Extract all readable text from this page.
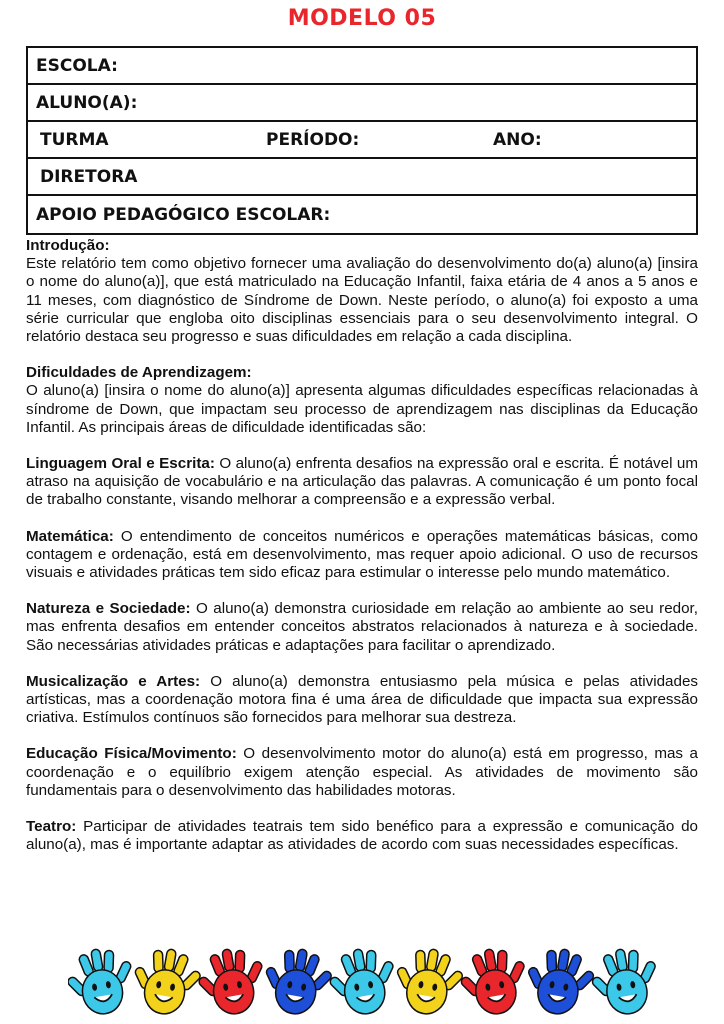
MODELO 05
ESCOLA:
ALUNO(A):
TURMA	PERÍODO:	ANO:
DIRETORA
APOIO PEDAGÓGICO ESCOLAR:

Introdução:

Este relatório tem como objetivo fornecer uma avaliação do desenvolvimento do(a) aluno(a) [insira o nome do aluno(a)], que está matriculado na Educação Infantil, faixa etária de 4 anos a 5 anos e 11 meses, com diagnóstico de Síndrome de Down. Neste período, o aluno(a) foi exposto a uma série curricular que engloba oito disciplinas essenciais para o seu desenvolvimento integral. O relatório destaca seu progresso e suas dificuldades em relação a cada disciplina.

Dificuldades de Aprendizagem:

O aluno(a) [insira o nome do aluno(a)] apresenta algumas dificuldades específicas relacionadas à síndrome de Down, que impactam seu processo de aprendizagem nas disciplinas da Educação Infantil. As principais áreas de dificuldade identificadas são:

Linguagem Oral e Escrita: O aluno(a) enfrenta desafios na expressão oral e escrita. É notável um atraso na aquisição de vocabulário e na articulação das palavras. A comunicação é um ponto focal de trabalho constante, visando melhorar a compreensão e a expressão verbal.

Matemática: O entendimento de conceitos numéricos e operações matemáticas básicas, como contagem e ordenação, está em desenvolvimento, mas requer apoio adicional. O uso de recursos visuais e atividades práticas tem sido eficaz para estimular o interesse pelo mundo matemático.

Natureza e Sociedade: O aluno(a) demonstra curiosidade em relação ao ambiente ao seu redor, mas enfrenta desafios em entender conceitos abstratos relacionados à natureza e à sociedade. São necessárias atividades práticas e adaptações para facilitar o aprendizado.

Musicalização e Artes: O aluno(a) demonstra entusiasmo pela música e pelas atividades artísticas, mas a coordenação motora fina é uma área de dificuldade que impacta sua expressão criativa. Estímulos contínuos são fornecidos para melhorar sua destreza.

Educação Física/Movimento: O desenvolvimento motor do aluno(a) está em progresso, mas a coordenação e o equilíbrio exigem atenção especial. As atividades de movimento são fundamentais para o desenvolvimento das habilidades motoras.

Teatro: Participar de atividades teatrais tem sido benéfico para a expressão e comunicação do aluno(a), mas é importante adaptar as atividades de acordo com suas necessidades específicas.
